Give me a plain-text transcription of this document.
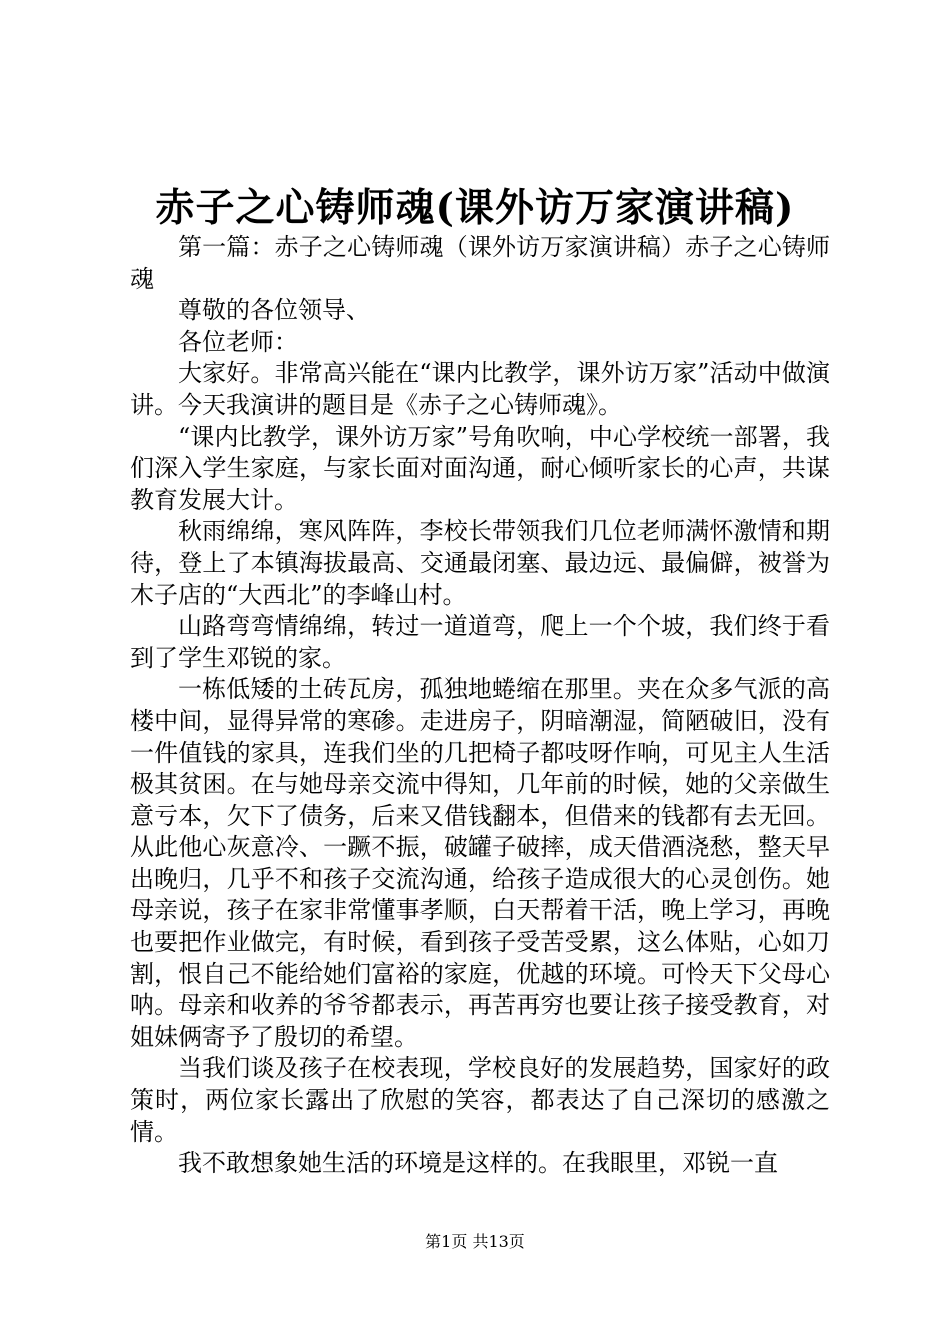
赤子之心铸师魂(课外访万家演讲稿)

第一篇：赤子之心铸师魂（课外访万家演讲稿）赤子之心铸师魂

尊敬的各位领导、

各位老师：

大家好。非常高兴能在“课内比教学，课外访万家”活动中做演讲。今天我演讲的题目是《赤子之心铸师魂》。

“课内比教学，课外访万家”号角吹响，中心学校统一部署，我们深入学生家庭，与家长面对面沟通，耐心倾听家长的心声，共谋教育发展大计。

秋雨绵绵，寒风阵阵，李校长带领我们几位老师满怀激情和期待，登上了本镇海拔最高、交通最闭塞、最边远、最偏僻，被誉为木子店的“大西北”的李峰山村。

山路弯弯情绵绵，转过一道道弯，爬上一个个坡，我们终于看到了学生邓锐的家。

一栋低矮的土砖瓦房，孤独地蜷缩在那里。夹在众多气派的高楼中间，显得异常的寒碜。走进房子，阴暗潮湿，简陋破旧，没有一件值钱的家具，连我们坐的几把椅子都吱呀作响，可见主人生活极其贫困。在与她母亲交流中得知，几年前的时候，她的父亲做生意亏本，欠下了债务，后来又借钱翻本，但借来的钱都有去无回。从此他心灰意冷、一蹶不振，破罐子破摔，成天借酒浇愁，整天早出晚归，几乎不和孩子交流沟通，给孩子造成很大的心灵创伤。她母亲说，孩子在家非常懂事孝顺，白天帮着干活，晚上学习，再晚也要把作业做完，有时候，看到孩子受苦受累，这么体贴，心如刀割，恨自己不能给她们富裕的家庭，优越的环境。可怜天下父母心呐。母亲和收养的爷爷都表示，再苦再穷也要让孩子接受教育，对姐妹俩寄予了殷切的希望。

当我们谈及孩子在校表现，学校良好的发展趋势，国家好的政策时，两位家长露出了欣慰的笑容，都表达了自己深切的感激之情。

我不敢想象她生活的环境是这样的。在我眼里，邓锐一直

第1页 共13页
